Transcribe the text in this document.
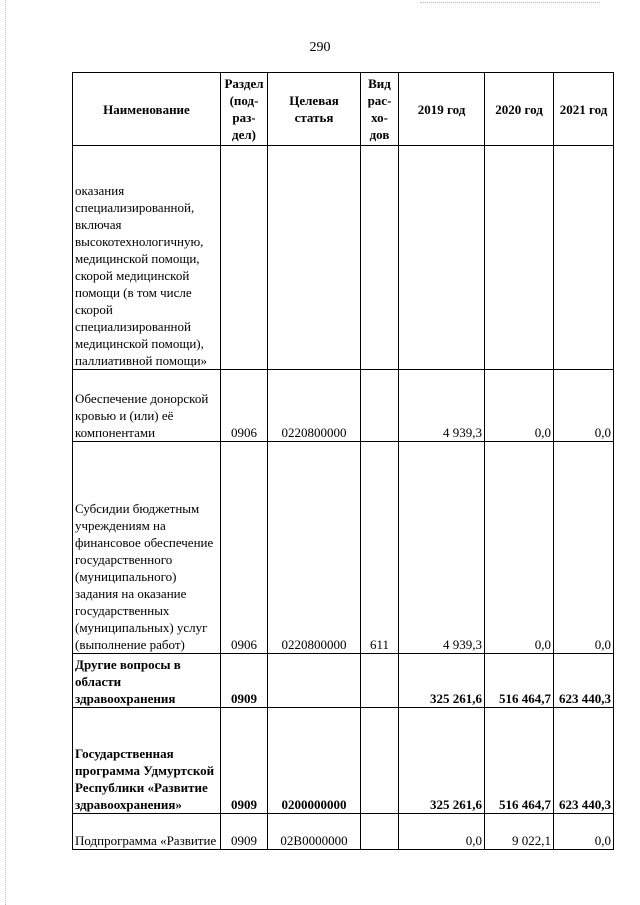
290
Наименование	Раздел (под-раз-дел)	Целевая статья	Вид рас-хо-дов	2019 год	2020 год	2021 год
оказания специализированной, включая высокотехнологичную, медицинской помощи, скорой медицинской помощи (в том числе скорой специализированной медицинской помощи), паллиативной помощи»						
Обеспечение донорской кровью и (или) её компонентами	0906	0220800000		4 939,3	0,0	0,0
Субсидии бюджетным учреждениям на финансовое обеспечение государственного (муниципального) задания на оказание государственных (муниципальных) услуг (выполнение работ)	0906	0220800000	611	4 939,3	0,0	0,0
Другие вопросы в области здравоохранения	0909			325 261,6	516 464,7	623 440,3
Государственная программа Удмуртской Республики «Развитие здравоохранения»	0909	0200000000		325 261,6	516 464,7	623 440,3
Подпрограмма «Развитие	0909	02В0000000		0,0	9 022,1	0,0
